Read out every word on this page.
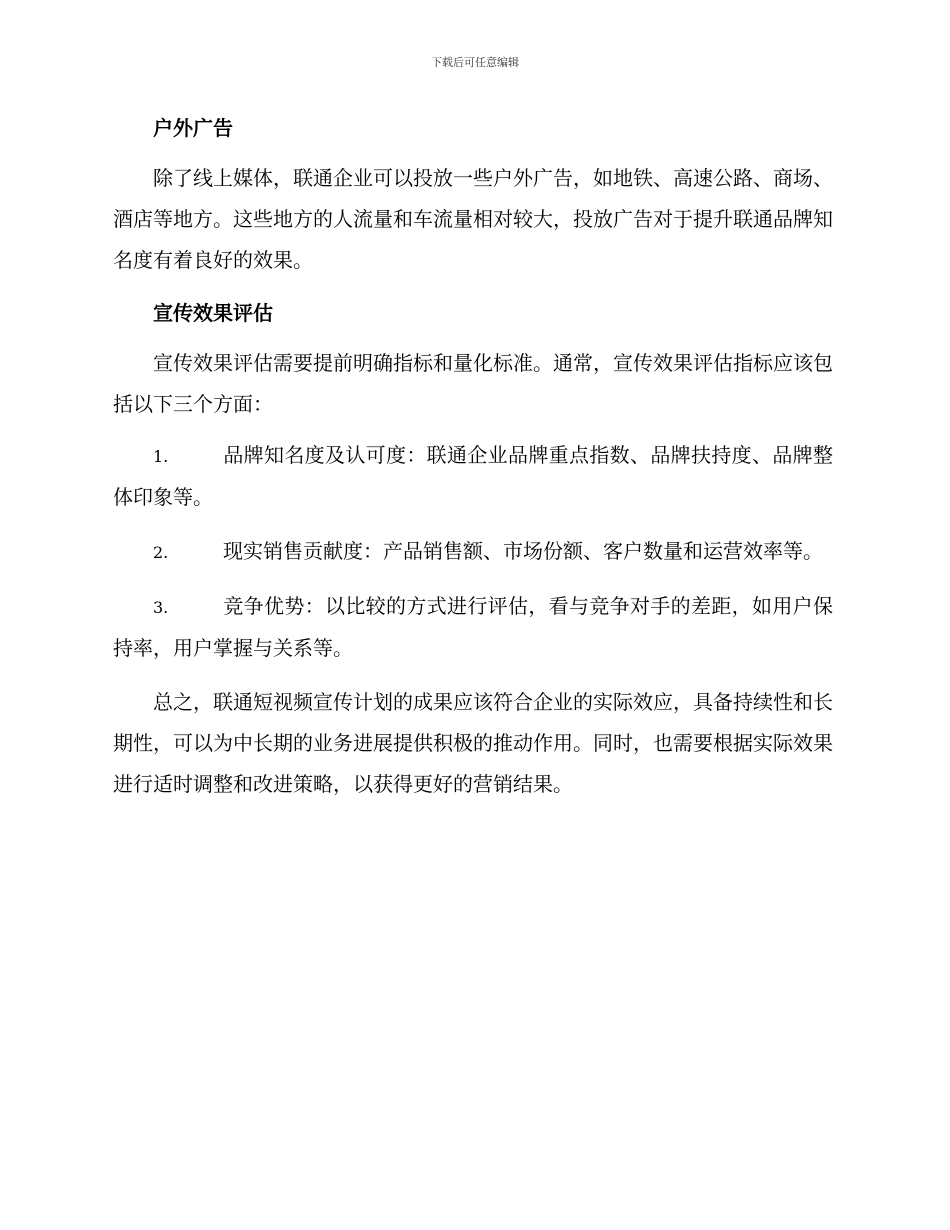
下载后可任意编辑
户外广告

除了线上媒体，联通企业可以投放一些户外广告，如地铁、高速公路、商场、酒店等地方。这些地方的人流量和车流量相对较大，投放广告对于提升联通品牌知名度有着良好的效果。

宣传效果评估

宣传效果评估需要提前明确指标和量化标准。通常，宣传效果评估指标应该包括以下三个方面：

1.	品牌知名度及认可度：联通企业品牌重点指数、品牌扶持度、品牌整体印象等。

2.	现实销售贡献度：产品销售额、市场份额、客户数量和运营效率等。

3.	竞争优势：以比较的方式进行评估，看与竞争对手的差距，如用户保持率，用户掌握与关系等。

总之，联通短视频宣传计划的成果应该符合企业的实际效应，具备持续性和长期性，可以为中长期的业务进展提供积极的推动作用。同时，也需要根据实际效果进行适时调整和改进策略，以获得更好的营销结果。
